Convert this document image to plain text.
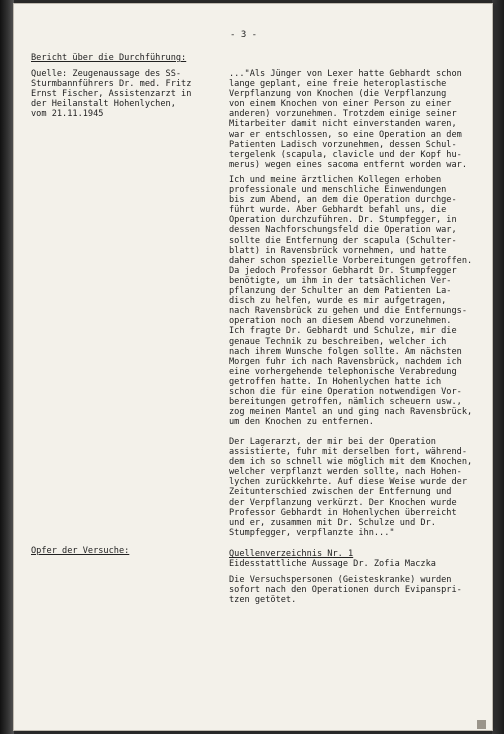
- 3 -
Bericht über die Durchführung:
Quelle: Zeugenaussage des SS-
Sturmbannführers Dr. med. Fritz
Ernst Fischer, Assistenzarzt in
der Heilanstalt Hohenlychen,
vom 21.11.1945
..."Als Jünger von Lexer hatte Gebhardt schon
lange geplant, eine freie heteroplastische
Verpflanzung von Knochen (die Verpflanzung
von einem Knochen von einer Person zu einer
anderen) vorzunehmen. Trotzdem einige seiner
Mitarbeiter damit nicht einverstanden waren,
war er entschlossen, so eine Operation an dem
Patienten Ladisch vorzunehmen, dessen Schul-
tergelenk (scapula, clavicle und der Kopf hu-
merus) wegen eines sacoma entfernt worden war.
Ich und meine ärztlichen Kollegen erhoben
professionale und menschliche Einwendungen
bis zum Abend, an dem die Operation durchge-
führt wurde. Aber Gebhardt befahl uns, die
Operation durchzuführen. Dr. Stumpfegger, in
dessen Nachforschungsfeld die Operation war,
sollte die Entfernung der scapula (Schulter-
blatt) in Ravensbrück vornehmen, und hatte
daher schon spezielle Vorbereitungen getroffen.
Da jedoch Professor Gebhardt Dr. Stumpfegger
benötigte, um ihm in der tatsächlichen Ver-
pflanzung der Schulter an dem Patienten La-
disch zu helfen, wurde es mir aufgetragen,
nach Ravensbrück zu gehen und die Entfernungs-
operation noch an diesem Abend vorzunehmen.
Ich fragte Dr. Gebhardt und Schulze, mir die
genaue Technik zu beschreiben, welcher ich
nach ihrem Wunsche folgen sollte. Am nächsten
Morgen fuhr ich nach Ravensbrück, nachdem ich
eine vorhergehende telephonische Verabredung
getroffen hatte. In Hohenlychen hatte ich
schon die für eine Operation notwendigen Vor-
bereitungen getroffen, nämlich scheuern usw.,
zog meinen Mantel an und ging nach Ravensbrück,
um den Knochen zu entfernen.
Der Lagerarzt, der mir bei der Operation
assistierte, fuhr mit derselben fort, während-
dem ich so schnell wie möglich mit dem Knochen,
welcher verpflanzt werden sollte, nach Hohen-
lychen zurückkehrte. Auf diese Weise wurde der
Zeitunterschied zwischen der Entfernung und
der Verpflanzung verkürzt. Der Knochen wurde
Professor Gebhardt in Hohenlychen überreicht
und er, zusammen mit Dr. Schulze und Dr.
Stumpfegger, verpflanzte ihn..."
Opfer der Versuche:	Quellenverzeichnis Nr. 1
Eidesstattliche Aussage Dr. Zofia Maczka
Die Versuchspersonen (Geisteskranke) wurden
sofort nach den Operationen durch Evipanspri-
tzen getötet.
